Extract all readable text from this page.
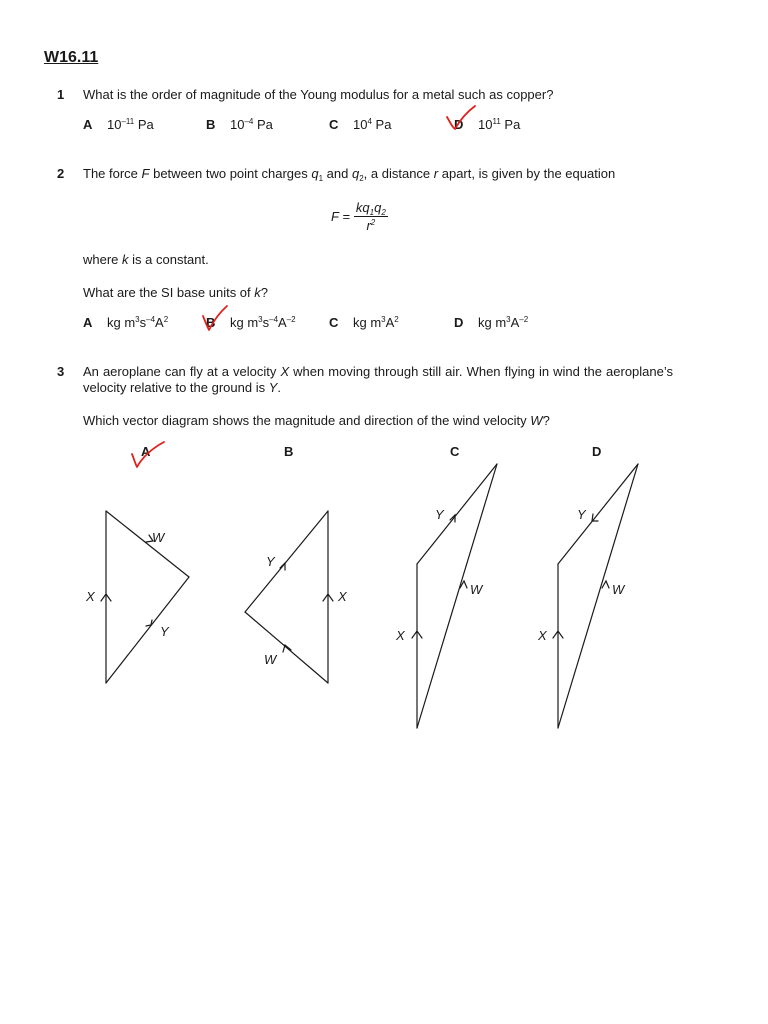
W16.11
1 What is the order of magnitude of the Young modulus for a metal such as copper?
A $10^{-11}$ Pa	B $10^{-4}$ Pa	C $10^4$ Pa	D $10^{11}$ Pa
2 The force F between two point charges $q_1$ and $q_2$, a distance r apart, is given by the equation
$F = \frac{kq_1q_2}{r^2}$
where k is a constant.
What are the SI base units of k?
A kg $m^3s^{-4}A^2$	B kg $m^3s^{-4}A^{-2}$	C kg $m^3A^2$	D kg $m^3A^{-2}$
3 An aeroplane can fly at a velocity X when moving through still air. When flying in wind the aeroplane’s velocity relative to the ground is Y.
Which vector diagram shows the magnitude and direction of the wind velocity W?
A	B	C	D
X
W
Y
Y
X
W
Y
W
X
Y
W
X
